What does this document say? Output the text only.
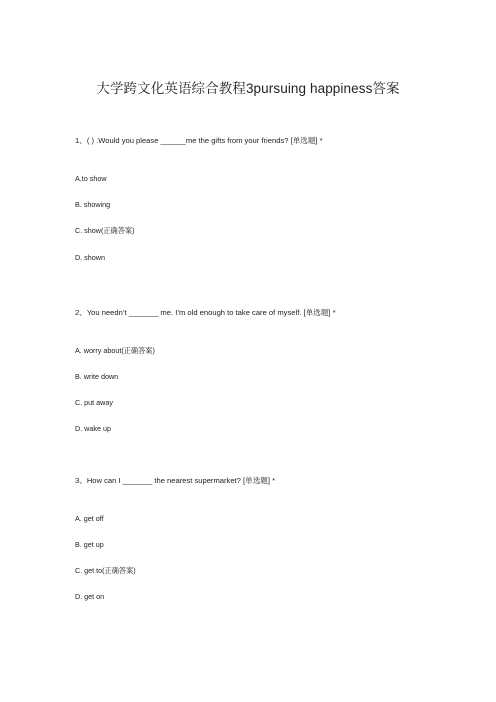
大学跨文化英语综合教程3pursuing happiness答案
1、( ) .Would you please ______me the gifts from your friends? [单选题] *
A.to show
B. showing
C. show(正确答案)
D. shown
2、You needn’t _______ me. I’m old enough to take care of myself. [单选题] *
A. worry about(正确答案)
B. write down
C. put away
D. wake up
3、How can I _______ the nearest supermarket? [单选题] *
A. get off
B. get up
C. get to(正确答案)
D. get on
